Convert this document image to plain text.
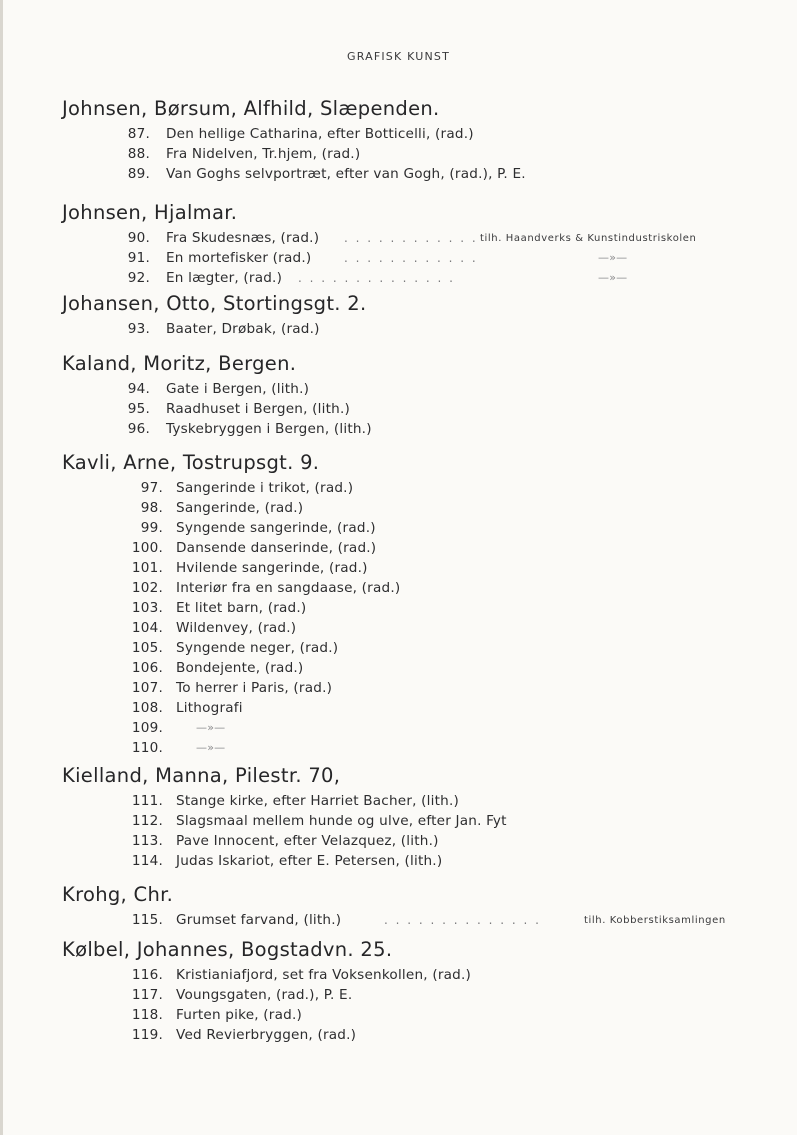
GRAFISK KUNST
Johnsen, Børsum, Alfhild, Slæpenden.
87. Den hellige Catharina, efter Botticelli, (rad.)
88. Fra Nidelven, Tr.hjem, (rad.)
89. Van Goghs selvportræt, efter van Gogh, (rad.), P. E.
Johnsen, Hjalmar.
90. Fra Skudesnæs, (rad.) . . . . . . . . . . . . tilh. Haandverks & Kunstindustriskolen
91. En mortefisker (rad.)	. . . . . . . . . . . .	—»—
92. En lægter, (rad.) . . . . . . . . . . . . . .	—»—
Johansen, Otto, Stortingsgt. 2.
93. Baater, Drøbak, (rad.)
Kaland, Moritz, Bergen.
94. Gate i Bergen, (lith.)
95. Raadhuset i Bergen, (lith.)
96. Tyskebryggen i Bergen, (lith.)
Kavli, Arne, Tostrupsgt. 9.
97. Sangerinde i trikot, (rad.)
98. Sangerinde, (rad.)
99. Syngende sangerinde, (rad.)
100. Dansende danserinde, (rad.)
101. Hvilende sangerinde, (rad.)
102. Interiør fra en sangdaase, (rad.)
103. Et litet barn, (rad.)
104. Wildenvey, (rad.)
105. Syngende neger, (rad.)
106. Bondejente, (rad.)
107. To herrer i Paris, (rad.)
108. Lithografi
109.	—»—
110.	—»—
Kielland, Manna, Pilestr. 70,
111. Stange kirke, efter Harriet Bacher, (lith.)
112. Slagsmaal mellem hunde og ulve, efter Jan. Fyt
113. Pave Innocent, efter Velazquez, (lith.)
114. Judas Iskariot, efter E. Petersen, (lith.)
Krohg, Chr.
115. Grumset farvand, (lith.)	. . . . . . . . . . . . . .	tilh. Kobberstiksamlingen
Kølbel, Johannes, Bogstadvn. 25.
116. Kristianiafjord, set fra Voksenkollen, (rad.)
117. Voungsgaten, (rad.), P. E.
118. Furten pike, (rad.)
119. Ved Revierbryggen, (rad.)
